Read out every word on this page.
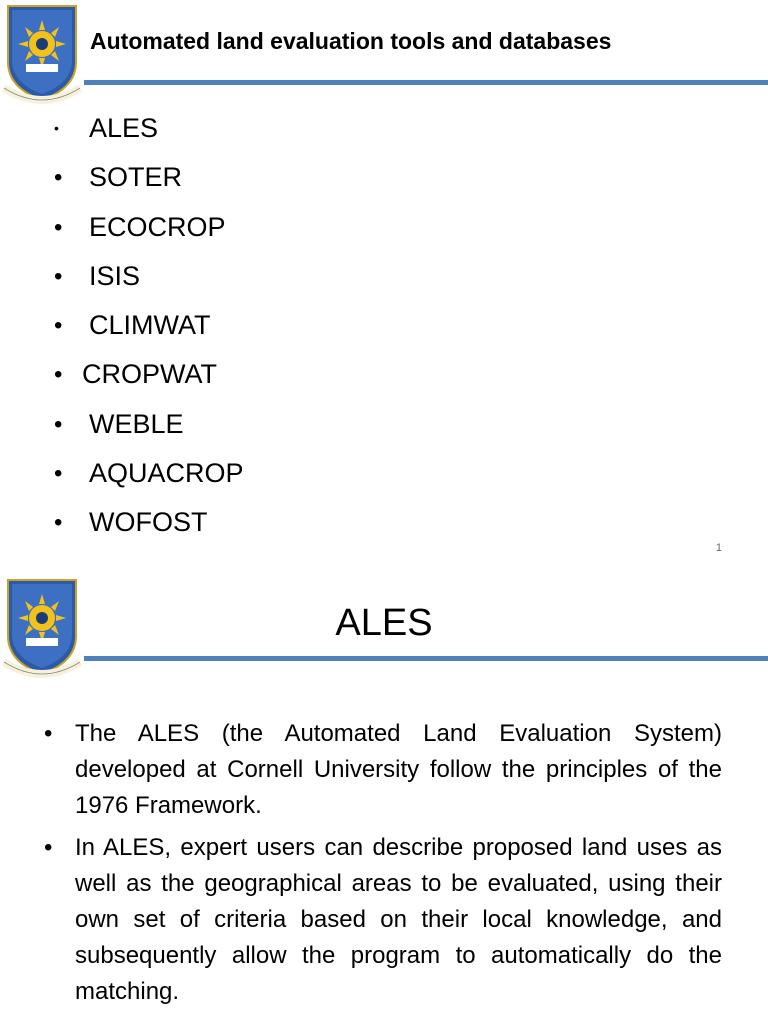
Automated land evaluation tools and databases
• ALES
• SOTER
• ECOCROP
• ISIS
• CLIMWAT
• CROPWAT
• WEBLE
• AQUACROP
• WOFOST
1
ALES
• The ALES (the Automated Land Evaluation System) developed at Cornell University follow the principles of the 1976 Framework.
• In ALES, expert users can describe proposed land uses as well as the geographical areas to be evaluated, using their own set of criteria based on their local knowledge, and subsequently allow the program to automatically do the matching.
